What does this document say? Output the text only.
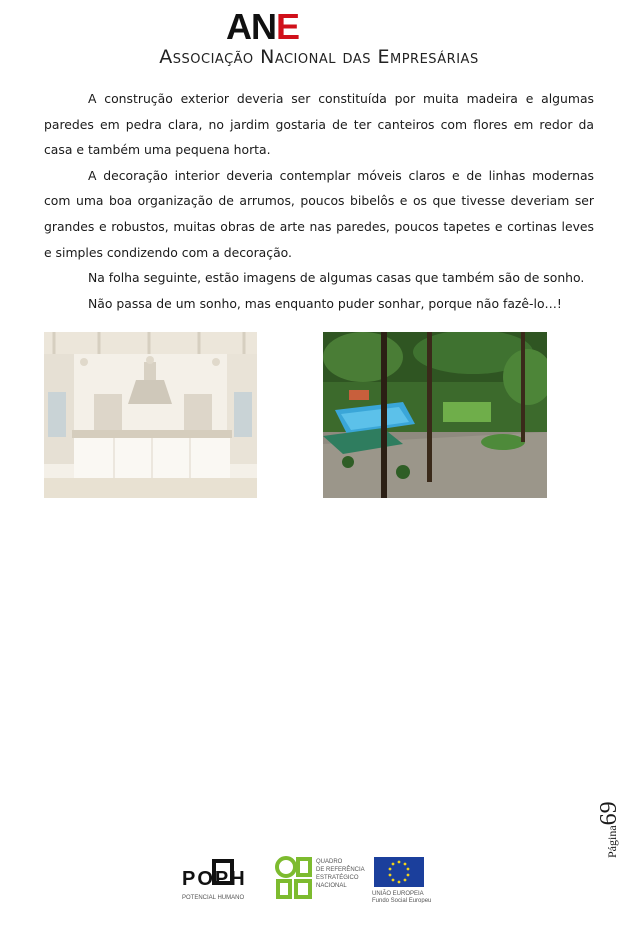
ANE
Associação Nacional das Empresárias

A construção exterior deveria ser constituída por muita madeira e algumas paredes em pedra clara, no jardim gostaria de ter canteiros com flores em redor da casa e também uma pequena horta.

A decoração interior deveria contemplar móveis claros e de linhas modernas com uma boa organização de arrumos, poucos bibelôs e os que tivesse deveriam ser grandes e robustos, muitas obras de arte nas paredes, poucos tapetes e cortinas leves e simples condizendo com a decoração.

Na folha seguinte, estão imagens de algumas casas que também são de sonho.

Não passa de um sonho, mas enquanto puder sonhar, porque não fazê-lo…!

Página69
POPH
POTENCIAL HUMANO
QUADRO
DE REFERÊNCIA
ESTRATÉGICO
NACIONAL
UNIÃO EUROPEIA
Fundo Social Europeu
